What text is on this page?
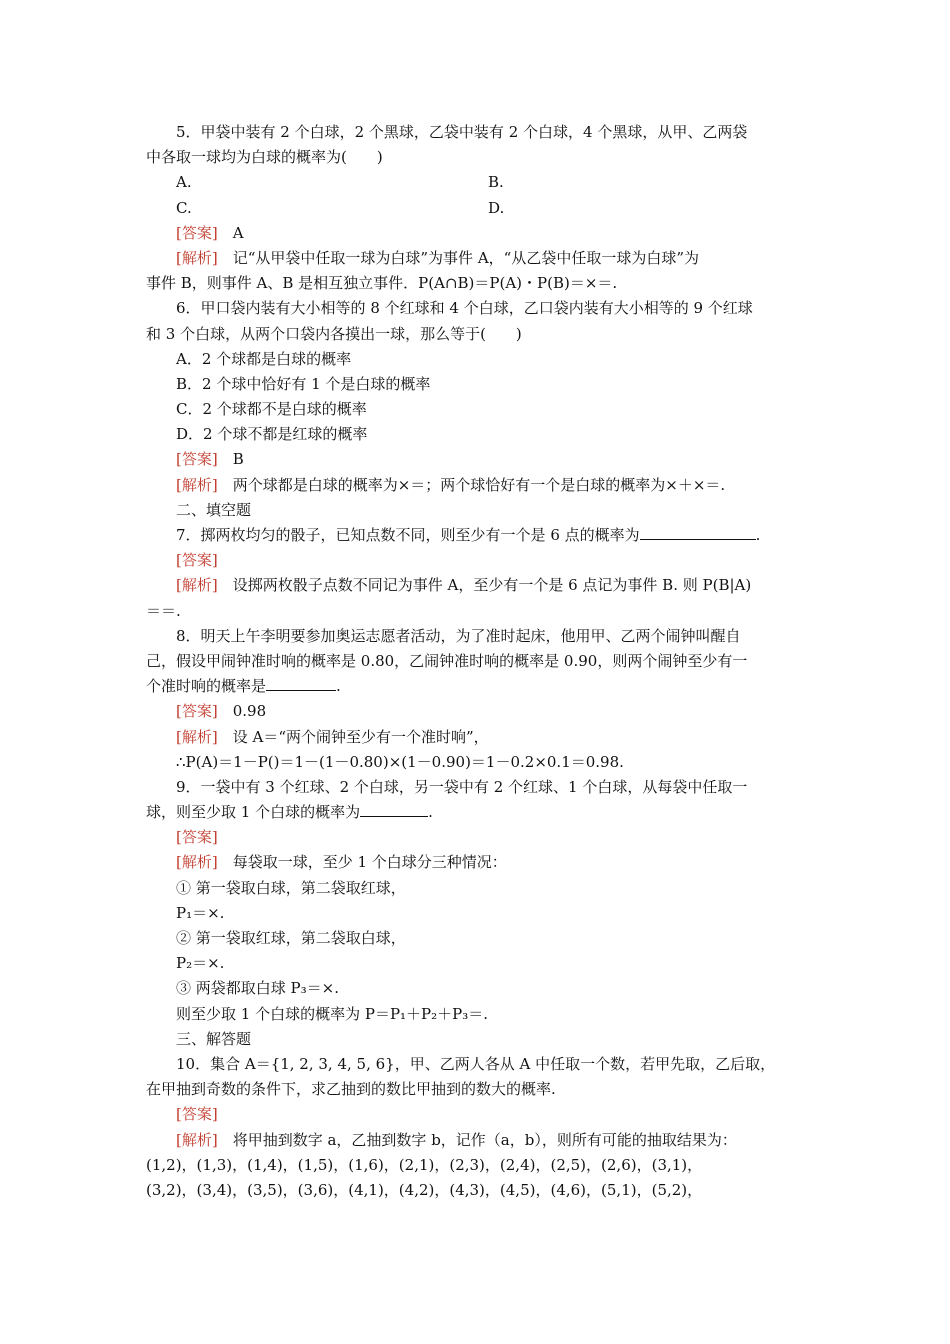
5．甲袋中装有 2 个白球，2 个黑球，乙袋中装有 2 个白球，4 个黑球，从甲、乙两袋
中各取一球均为白球的概率为(　　)
A.	B.
C.	D.
[答案]　A
[解析]　记“从甲袋中任取一球为白球”为事件 A，“从乙袋中任取一球为白球”为
事件 B，则事件 A、B 是相互独立事件．P(A∩B)＝P(A)・P(B)＝×＝.
6．甲口袋内装有大小相等的 8 个红球和 4 个白球，乙口袋内装有大小相等的 9 个红球
和 3 个白球，从两个口袋内各摸出一球，那么等于(　　)
A．2 个球都是白球的概率
B．2 个球中恰好有 1 个是白球的概率
C．2 个球都不是白球的概率
D．2 个球不都是红球的概率
[答案]　B
[解析]　两个球都是白球的概率为×＝；两个球恰好有一个是白球的概率为×＋×＝.
二、填空题
7．掷两枚均匀的骰子，已知点数不同，则至少有一个是 6 点的概率为	.
[答案]
[解析]　设掷两枚骰子点数不同记为事件 A，至少有一个是 6 点记为事件 B. 则 P(B|A)
＝＝.
8．明天上午李明要参加奥运志愿者活动，为了准时起床，他用甲、乙两个闹钟叫醒自
己，假设甲闹钟准时响的概率是 0.80，乙闹钟准时响的概率是 0.90，则两个闹钟至少有一
个准时响的概率是	.
[答案]　0.98
[解析]　设 A＝“两个闹钟至少有一个准时响”，
∴P(A)＝1－P()＝1－(1－0.80)×(1－0.90)＝1－0.2×0.1＝0.98.
9．一袋中有 3 个红球、2 个白球，另一袋中有 2 个红球、1 个白球，从每袋中任取一
球，则至少取 1 个白球的概率为	.
[答案]
[解析]　每袋取一球，至少 1 个白球分三种情况：
① 第一袋取白球，第二袋取红球，
P₁＝×.
② 第一袋取红球，第二袋取白球，
P₂＝×.
③ 两袋都取白球 P₃＝×.
则至少取 1 个白球的概率为 P＝P₁＋P₂＋P₃＝.
三、解答题
10．集合 A＝{1, 2, 3, 4, 5, 6}，甲、乙两人各从 A 中任取一个数，若甲先取，乙后取，
在甲抽到奇数的条件下，求乙抽到的数比甲抽到的数大的概率.
[答案]
[解析]　将甲抽到数字 a，乙抽到数字 b，记作（a，b），则所有可能的抽取结果为：
(1,2)，(1,3)，(1,4)，(1,5)，(1,6)，(2,1)，(2,3)，(2,4)，(2,5)，(2,6)，(3,1)，
(3,2)，(3,4)，(3,5)，(3,6)，(4,1)，(4,2)，(4,3)，(4,5)，(4,6)，(5,1)，(5,2)，
